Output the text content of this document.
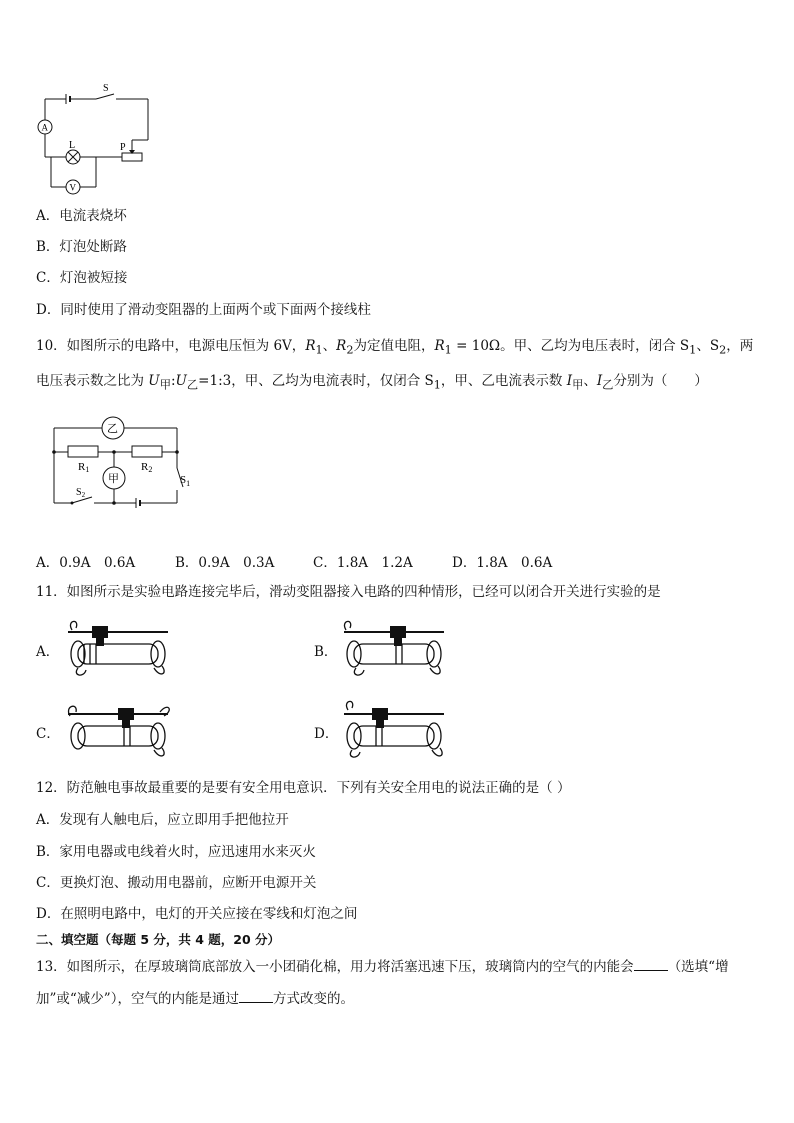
S
L	P
A
V
A．电流表烧坏
B．灯泡处断路
C．灯泡被短接
D．同时使用了滑动变阻器的上面两个或下面两个接线柱
10．如图所示的电路中，电源电压恒为 6V，$R_1$、$R_2$为定值电阻，$R_1 = 10\Omega$。甲、乙均为电压表时，闭合 $S_1$、$S_2$，两
电压表示数之比为 $U_甲:U_乙=1:3$，甲、乙均为电流表时，仅闭合 $S_1$，甲、乙电流表示数 $I_甲$、$I_乙$分别为（　　）
乙
甲
R1	R2
$S_1$
$S_2$
A．0.9A　0.6A	B．0.9A　0.3A	C．1.8A　1.2A	D．1.8A　0.6A
11．如图所示是实验电路连接完毕后，滑动变阻器接入电路的四种情形，已经可以闭合开关进行实验的是
A．	B．
C．	D．
12．防范触电事故最重要的是要有安全用电意识．下列有关安全用电的说法正确的是（ ）
A．发现有人触电后，应立即用手把他拉开
B．家用电器或电线着火时，应迅速用水来灭火
C．更换灯泡、搬动用电器前，应断开电源开关
D．在照明电路中，电灯的开关应接在零线和灯泡之间
二、填空题（每题 5 分，共 4 题，20 分）
13．如图所示，在厚玻璃筒底部放入一小团硝化棉，用力将活塞迅速下压，玻璃筒内的空气的内能会	（选填“增
加”或“减少”），空气的内能是通过	方式改变的。
